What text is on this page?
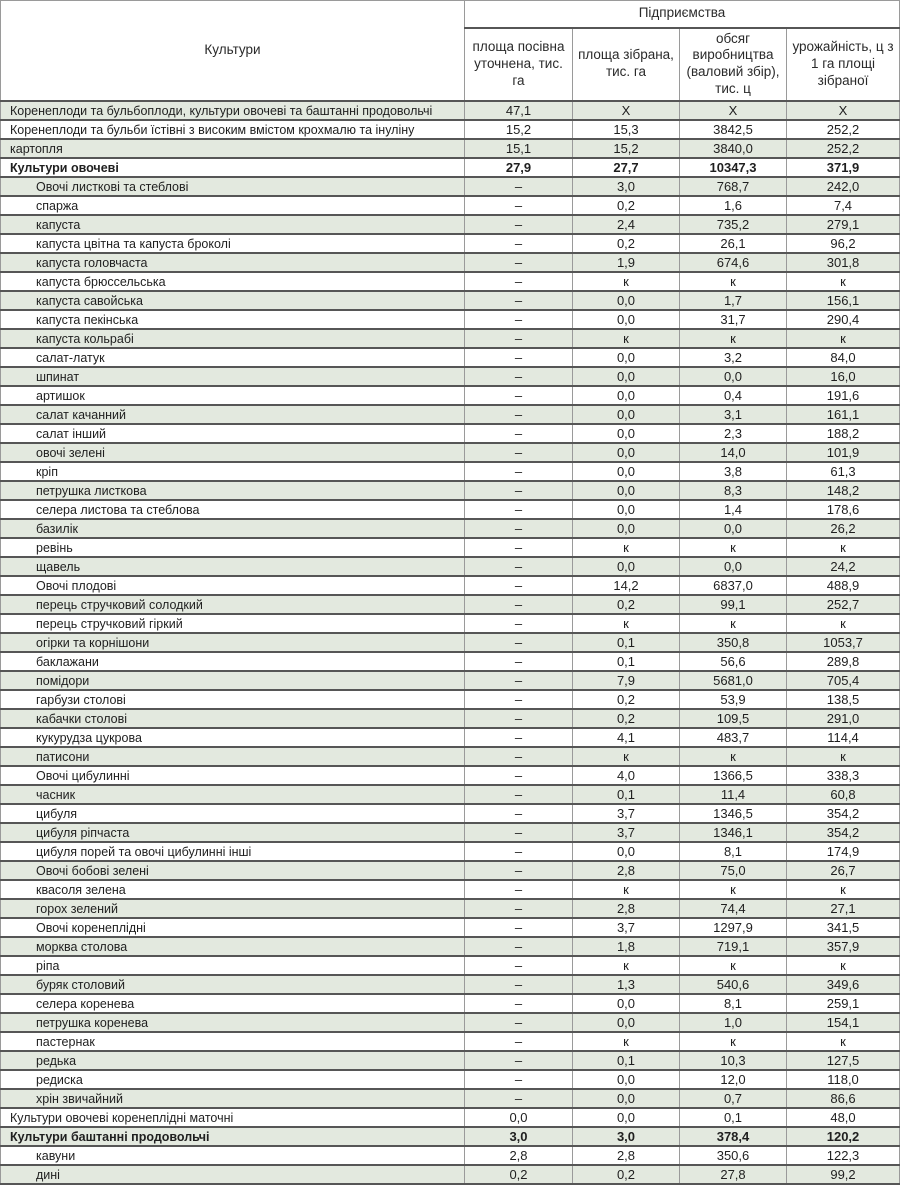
Культури	Підприємства			
	площа посівна уточнена, тис. га	площа зібрана, тис. га	обсяг виробництва (валовий збір), тис. ц	урожайність, ц з 1 га площі зібраної
Коренеплоди та бульбоплоди, культури овочеві та баштанні продовольчі	47,1	Х	Х	Х
Коренеплоди та бульби їстівні з високим вмістом крохмалю та інуліну	15,2	15,3	3842,5	252,2
картопля	15,1	15,2	3840,0	252,2
Культури овочеві	27,9	27,7	10347,3	371,9
Овочі листкові та стеблові	–	3,0	768,7	242,0
спаржа	–	0,2	1,6	7,4
капуста	–	2,4	735,2	279,1
капуста цвітна та капуста броколі	–	0,2	26,1	96,2
капуста головчаста	–	1,9	674,6	301,8
капуста брюссельська	–	к	к	к
капуста савойська	–	0,0	1,7	156,1
капуста пекінська	–	0,0	31,7	290,4
капуста кольрабі	–	к	к	к
салат-латук	–	0,0	3,2	84,0
шпинат	–	0,0	0,0	16,0
артишок	–	0,0	0,4	191,6
салат качанний	–	0,0	3,1	161,1
салат інший	–	0,0	2,3	188,2
овочі зелені	–	0,0	14,0	101,9
кріп	–	0,0	3,8	61,3
петрушка листкова	–	0,0	8,3	148,2
селера листова та стеблова	–	0,0	1,4	178,6
базилік	–	0,0	0,0	26,2
ревінь	–	к	к	к
щавель	–	0,0	0,0	24,2
Овочі плодові	–	14,2	6837,0	488,9
перець стручковий солодкий	–	0,2	99,1	252,7
перець стручковий гіркий	–	к	к	к
огірки та корнішони	–	0,1	350,8	1053,7
баклажани	–	0,1	56,6	289,8
помідори	–	7,9	5681,0	705,4
гарбузи столові	–	0,2	53,9	138,5
кабачки столові	–	0,2	109,5	291,0
кукурудза цукрова	–	4,1	483,7	114,4
патисони	–	к	к	к
Овочі цибулинні	–	4,0	1366,5	338,3
часник	–	0,1	11,4	60,8
цибуля	–	3,7	1346,5	354,2
цибуля ріпчаста	–	3,7	1346,1	354,2
цибуля порей та овочі цибулинні інші	–	0,0	8,1	174,9
Овочі бобові зелені	–	2,8	75,0	26,7
квасоля зелена	–	к	к	к
горох зелений	–	2,8	74,4	27,1
Овочі коренеплідні	–	3,7	1297,9	341,5
морква столова	–	1,8	719,1	357,9
ріпа	–	к	к	к
буряк столовий	–	1,3	540,6	349,6
селера коренева	–	0,0	8,1	259,1
петрушка коренева	–	0,0	1,0	154,1
пастернак	–	к	к	к
редька	–	0,1	10,3	127,5
редиска	–	0,0	12,0	118,0
хрін звичайний	–	0,0	0,7	86,6
Культури овочеві коренеплідні маточні	0,0	0,0	0,1	48,0
Культури баштанні продовольчі	3,0	3,0	378,4	120,2
кавуни	2,8	2,8	350,6	122,3
дині	0,2	0,2	27,8	99,2
